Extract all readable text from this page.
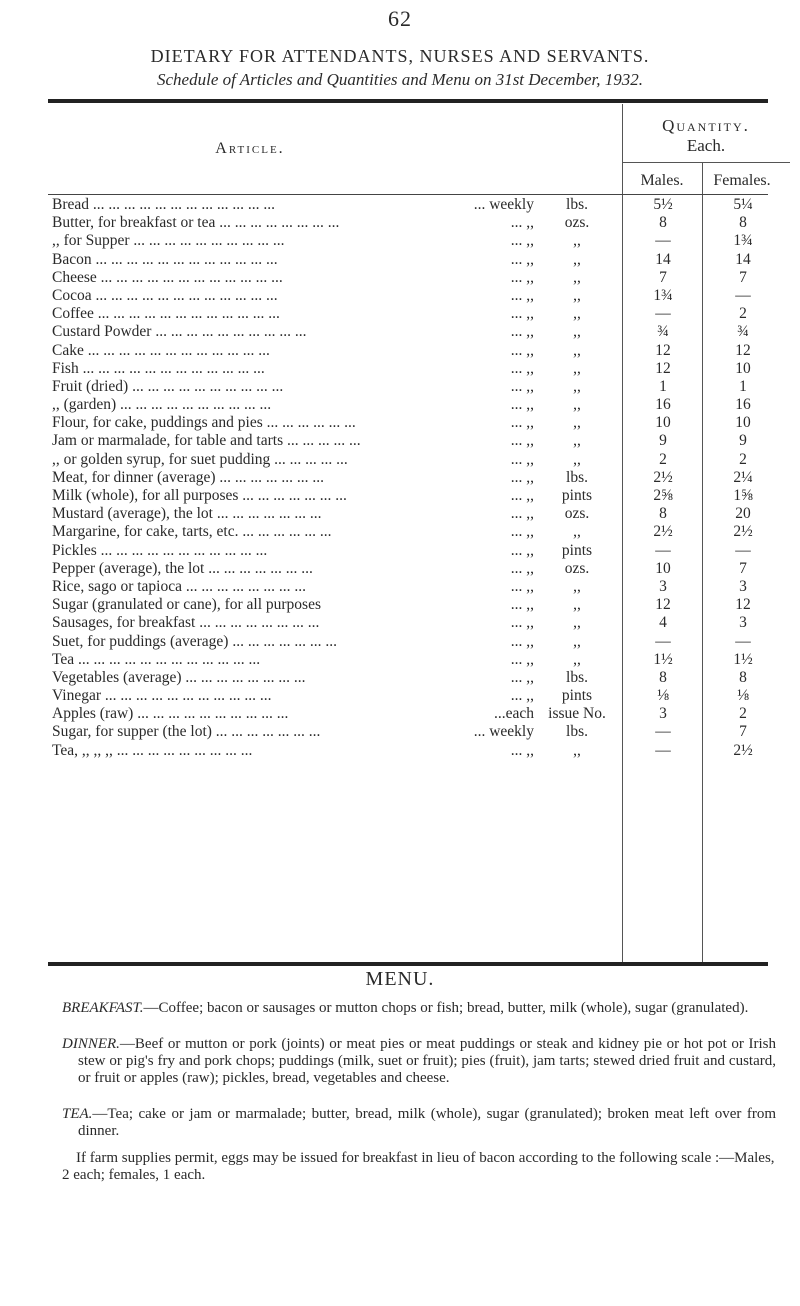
62
DIETARY FOR ATTENDANTS, NURSES AND SERVANTS.
Schedule of Articles and Quantities and Menu on 31st December, 1932.
Article.
Quantity.
Each.
Males.	Females.
Bread ... ... ... ... ... ... ... ... ... ... ... ...	... weekly	lbs.	5½	5¼
Butter, for breakfast or tea ... ... ... ... ... ... ... ...	... ,,	ozs.	8	8
,, for Supper ... ... ... ... ... ... ... ... ... ...	... ,,	,,	—	1¾
Bacon ... ... ... ... ... ... ... ... ... ... ... ...	... ,,	,,	14	14
Cheese ... ... ... ... ... ... ... ... ... ... ... ...	... ,,	,,	7	7
Cocoa ... ... ... ... ... ... ... ... ... ... ... ...	... ,,	,,	1¾	—
Coffee ... ... ... ... ... ... ... ... ... ... ... ...	... ,,	,,	—	2
Custard Powder ... ... ... ... ... ... ... ... ... ...	... ,,	,,	¾	¾
Cake ... ... ... ... ... ... ... ... ... ... ... ...	... ,,	,,	12	12
Fish ... ... ... ... ... ... ... ... ... ... ... ...	... ,,	,,	12	10
Fruit (dried) ... ... ... ... ... ... ... ... ... ...	... ,,	,,	1	1
,, (garden) ... ... ... ... ... ... ... ... ... ...	... ,,	,,	16	16
Flour, for cake, puddings and pies ... ... ... ... ... ...	... ,,	,,	10	10
Jam or marmalade, for table and tarts ... ... ... ... ...	... ,,	,,	9	9
,, or golden syrup, for suet pudding ... ... ... ... ...	... ,,	,,	2	2
Meat, for dinner (average) ... ... ... ... ... ... ...	... ,,	lbs.	2½	2¼
Milk (whole), for all purposes ... ... ... ... ... ... ...	... ,,	pints	2⅝	1⅝
Mustard (average), the lot ... ... ... ... ... ... ...	... ,,	ozs.	8	20
Margarine, for cake, tarts, etc. ... ... ... ... ... ...	... ,,	,,	2½	2½
Pickles ... ... ... ... ... ... ... ... ... ... ...	... ,,	pints	—	—
Pepper (average), the lot ... ... ... ... ... ... ...	... ,,	ozs.	10	7
Rice, sago or tapioca ... ... ... ... ... ... ... ...	... ,,	,,	3	3
Sugar (granulated or cane), for all purposes	... ,,	,,	12	12
Sausages, for breakfast ... ... ... ... ... ... ... ...	... ,,	,,	4	3
Suet, for puddings (average) ... ... ... ... ... ... ...	... ,,	,,	—	—
Tea ... ... ... ... ... ... ... ... ... ... ... ...	... ,,	,,	1½	1½
Vegetables (average) ... ... ... ... ... ... ... ...	... ,,	lbs.	8	8
Vinegar ... ... ... ... ... ... ... ... ... ... ...	... ,,	pints	⅛	⅛
Apples (raw) ... ... ... ... ... ... ... ... ... ...	...each issue No.	3	2
Sugar, for supper (the lot) ... ... ... ... ... ... ...	... weekly	lbs.	—	7
Tea, ,, ,, ,, ... ... ... ... ... ... ... ... ...	... ,,	,,	—	2½
MENU.
BREAKFAST.—Coffee; bacon or sausages or mutton chops or fish; bread, butter, milk (whole), sugar (granulated).
DINNER.—Beef or mutton or pork (joints) or meat pies or meat puddings or steak and kidney pie or hot pot or Irish stew or pig's fry and pork chops; puddings (milk, suet or fruit); pies (fruit), jam tarts; stewed dried fruit and custard, or fruit or apples (raw); pickles, bread, vegetables and cheese.
TEA.—Tea; cake or jam or marmalade; butter, bread, milk (whole), sugar (granulated); broken meat left over from dinner.
If farm supplies permit, eggs may be issued for breakfast in lieu of bacon according to the following scale :—Males, 2 each; females, 1 each.
